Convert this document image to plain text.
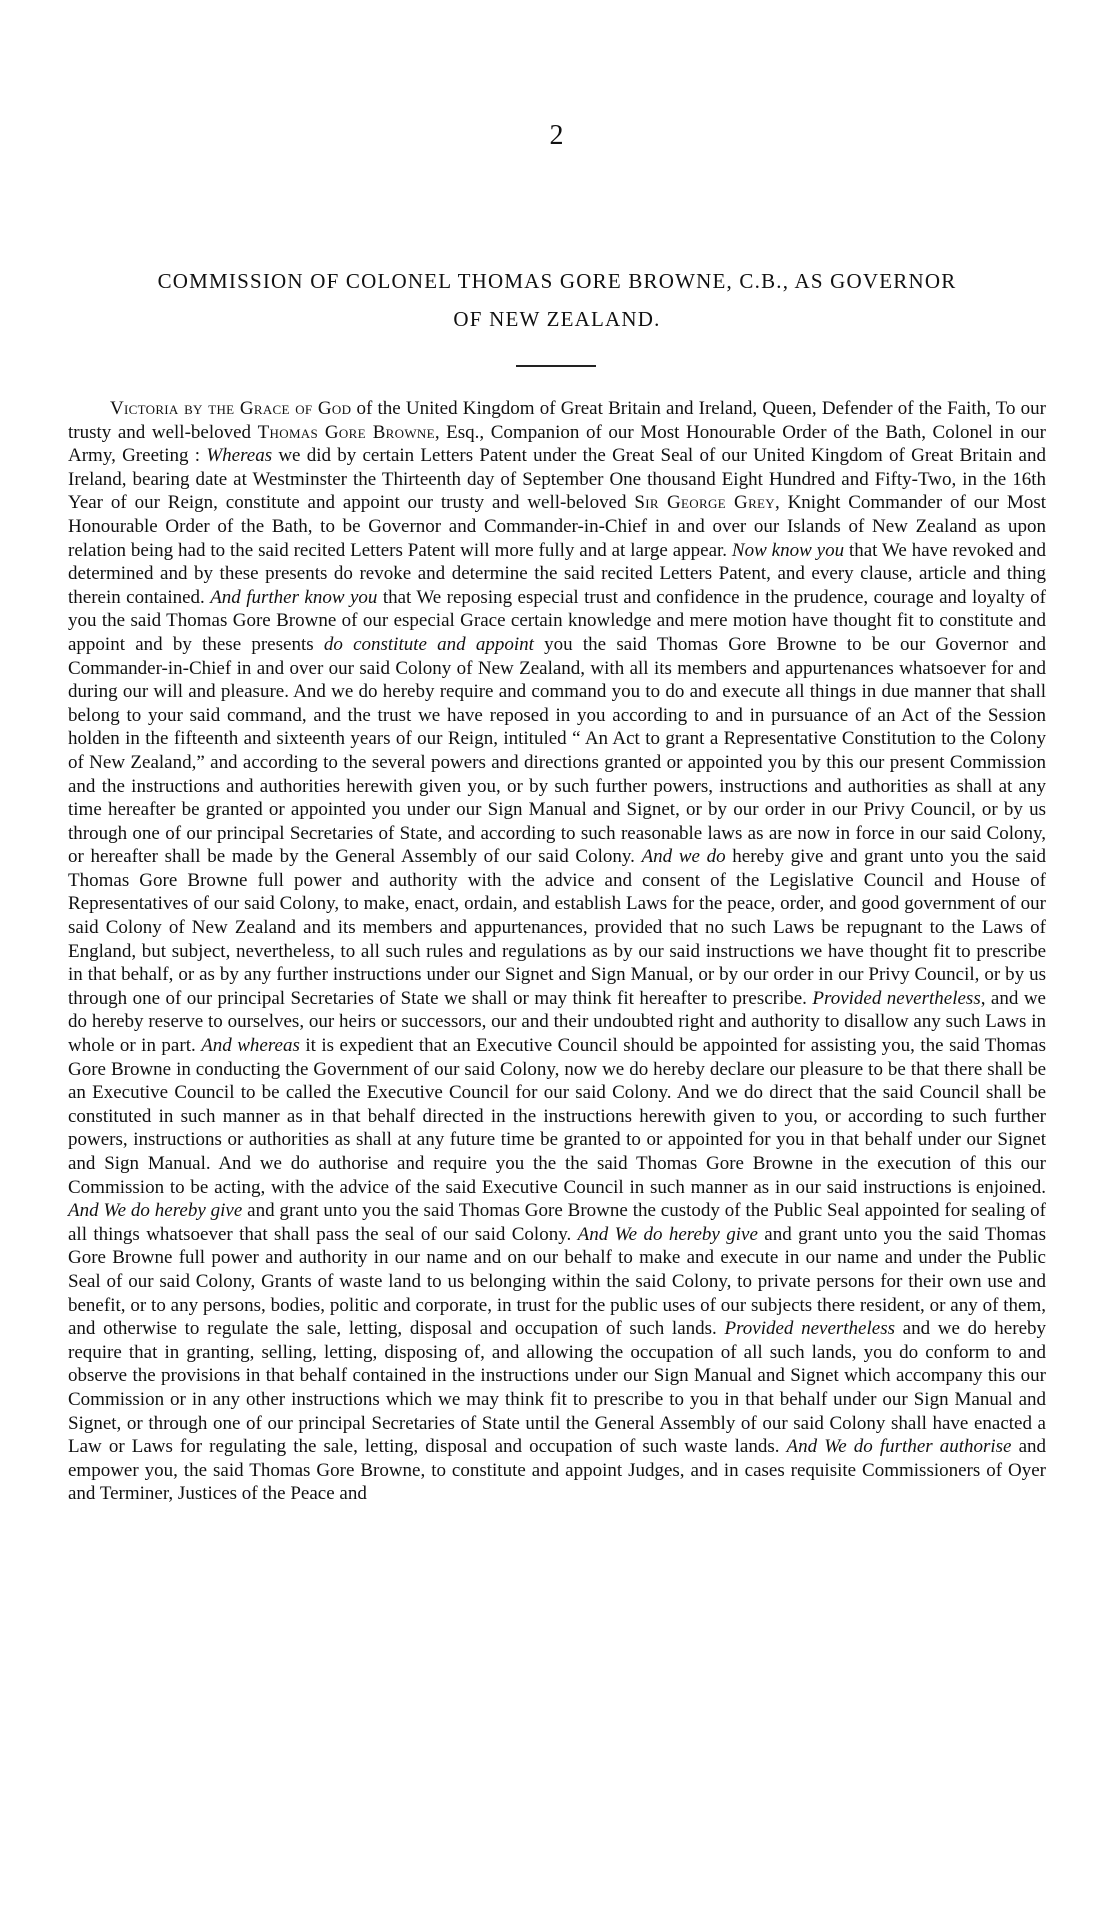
2
COMMISSION OF COLONEL THOMAS GORE BROWNE, C.B., AS GOVERNOR
OF NEW ZEALAND.

Victoria by the Grace of God of the United Kingdom of Great Britain and Ireland, Queen, Defender of the Faith, To our trusty and well-beloved Thomas Gore Browne, Esq., Companion of our Most Honourable Order of the Bath, Colonel in our Army, Greeting : Whereas we did by certain Letters Patent under the Great Seal of our United Kingdom of Great Britain and Ireland, bearing date at Westminster the Thirteenth day of September One thousand Eight Hundred and Fifty-Two, in the 16th Year of our Reign, constitute and appoint our trusty and well-beloved Sir George Grey, Knight Commander of our Most Honourable Order of the Bath, to be Governor and Commander-in-Chief in and over our Islands of New Zealand as upon relation being had to the said recited Letters Patent will more fully and at large appear. Now know you that We have revoked and determined and by these presents do revoke and determine the said recited Letters Patent, and every clause, article and thing therein contained. And further know you that We reposing especial trust and confidence in the prudence, courage and loyalty of you the said Thomas Gore Browne of our especial Grace certain knowledge and mere motion have thought fit to constitute and appoint and by these presents do constitute and appoint you the said Thomas Gore Browne to be our Governor and Commander-in-Chief in and over our said Colony of New Zealand, with all its members and appurtenances whatsoever for and during our will and pleasure. And we do hereby require and command you to do and execute all things in due manner that shall belong to your said command, and the trust we have reposed in you according to and in pursuance of an Act of the Session holden in the fifteenth and sixteenth years of our Reign, intituled “ An Act to grant a Representative Constitution to the Colony of New Zealand,” and according to the several powers and directions granted or appointed you by this our present Commission and the instructions and authorities herewith given you, or by such further powers, instructions and authorities as shall at any time hereafter be granted or appointed you under our Sign Manual and Signet, or by our order in our Privy Council, or by us through one of our principal Secretaries of State, and according to such reasonable laws as are now in force in our said Colony, or hereafter shall be made by the General Assembly of our said Colony. And we do hereby give and grant unto you the said Thomas Gore Browne full power and authority with the advice and consent of the Legislative Council and House of Representatives of our said Colony, to make, enact, ordain, and establish Laws for the peace, order, and good government of our said Colony of New Zealand and its members and appurtenances, provided that no such Laws be repugnant to the Laws of England, but subject, nevertheless, to all such rules and regulations as by our said instructions we have thought fit to prescribe in that behalf, or as by any further instructions under our Signet and Sign Manual, or by our order in our Privy Council, or by us through one of our principal Secretaries of State we shall or may think fit hereafter to prescribe. Provided nevertheless, and we do hereby reserve to ourselves, our heirs or successors, our and their undoubted right and authority to disallow any such Laws in whole or in part. And whereas it is expedient that an Executive Council should be appointed for assisting you, the said Thomas Gore Browne in conducting the Government of our said Colony, now we do hereby declare our pleasure to be that there shall be an Executive Council to be called the Executive Council for our said Colony. And we do direct that the said Council shall be constituted in such manner as in that behalf directed in the instructions herewith given to you, or according to such further powers, instructions or authorities as shall at any future time be granted to or appointed for you in that behalf under our Signet and Sign Manual. And we do authorise and require you the the said Thomas Gore Browne in the execution of this our Commission to be acting, with the advice of the said Executive Council in such manner as in our said instructions is enjoined. And We do hereby give and grant unto you the said Thomas Gore Browne the custody of the Public Seal appointed for sealing of all things whatsoever that shall pass the seal of our said Colony. And We do hereby give and grant unto you the said Thomas Gore Browne full power and authority in our name and on our behalf to make and execute in our name and under the Public Seal of our said Colony, Grants of waste land to us belonging within the said Colony, to private persons for their own use and benefit, or to any persons, bodies, politic and corporate, in trust for the public uses of our subjects there resident, or any of them, and otherwise to regulate the sale, letting, disposal and occupation of such lands. Provided nevertheless and we do hereby require that in granting, selling, letting, disposing of, and allowing the occupation of all such lands, you do conform to and observe the provisions in that behalf contained in the instructions under our Sign Manual and Signet which accompany this our Commission or in any other instructions which we may think fit to prescribe to you in that behalf under our Sign Manual and Signet, or through one of our principal Secretaries of State until the General Assembly of our said Colony shall have enacted a Law or Laws for regulating the sale, letting, disposal and occupation of such waste lands. And We do further authorise and empower you, the said Thomas Gore Browne, to constitute and appoint Judges, and in cases requisite Commissioners of Oyer and Terminer, Justices of the Peace and
